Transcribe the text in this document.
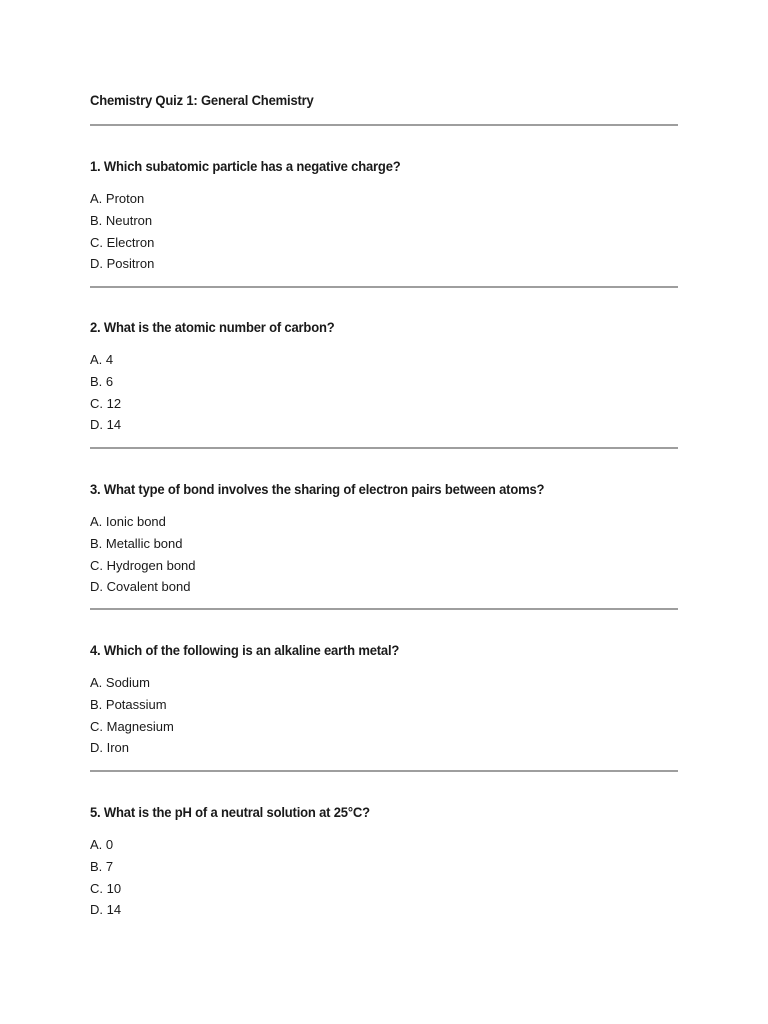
Chemistry Quiz 1: General Chemistry

1. Which subatomic particle has a negative charge?

A. Proton
B. Neutron
C. Electron
D. Positron

2. What is the atomic number of carbon?

A. 4
B. 6
C. 12
D. 14

3. What type of bond involves the sharing of electron pairs between atoms?

A. Ionic bond
B. Metallic bond
C. Hydrogen bond
D. Covalent bond

4. Which of the following is an alkaline earth metal?

A. Sodium
B. Potassium
C. Magnesium
D. Iron

5. What is the pH of a neutral solution at 25°C?

A. 0
B. 7
C. 10
D. 14
